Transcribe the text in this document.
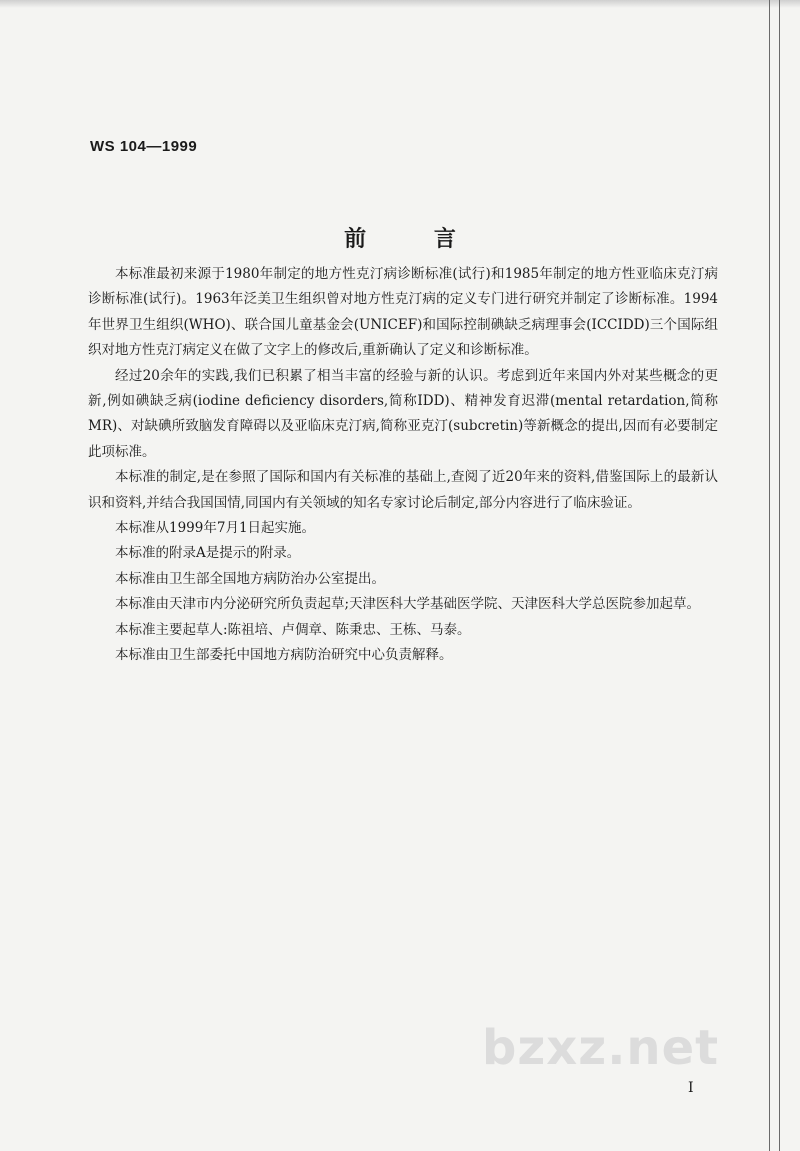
WS 104—1999
前 言

本标准最初来源于1980年制定的地方性克汀病诊断标准(试行)和1985年制定的地方性亚临床克汀病诊断标准(试行)。1963年泛美卫生组织曾对地方性克汀病的定义专门进行研究并制定了诊断标准。1994年世界卫生组织(WHO)、联合国儿童基金会(UNICEF)和国际控制碘缺乏病理事会(ICCIDD)三个国际组织对地方性克汀病定义在做了文字上的修改后,重新确认了定义和诊断标准。

经过20余年的实践,我们已积累了相当丰富的经验与新的认识。考虑到近年来国内外对某些概念的更新,例如碘缺乏病(iodine deficiency disorders,简称IDD)、精神发育迟滞(mental retardation,简称MR)、对缺碘所致脑发育障碍以及亚临床克汀病,简称亚克汀(subcretin)等新概念的提出,因而有必要制定此项标准。

本标准的制定,是在参照了国际和国内有关标准的基础上,查阅了近20年来的资料,借鉴国际上的最新认识和资料,并结合我国国情,同国内有关领域的知名专家讨论后制定,部分内容进行了临床验证。

本标准从1999年7月1日起实施。

本标准的附录A是提示的附录。

本标准由卫生部全国地方病防治办公室提出。

本标准由天津市内分泌研究所负责起草;天津医科大学基础医学院、天津医科大学总医院参加起草。

本标准主要起草人:陈祖培、卢倜章、陈秉忠、王栋、马泰。

本标准由卫生部委托中国地方病防治研究中心负责解释。

bzxz.net
I
